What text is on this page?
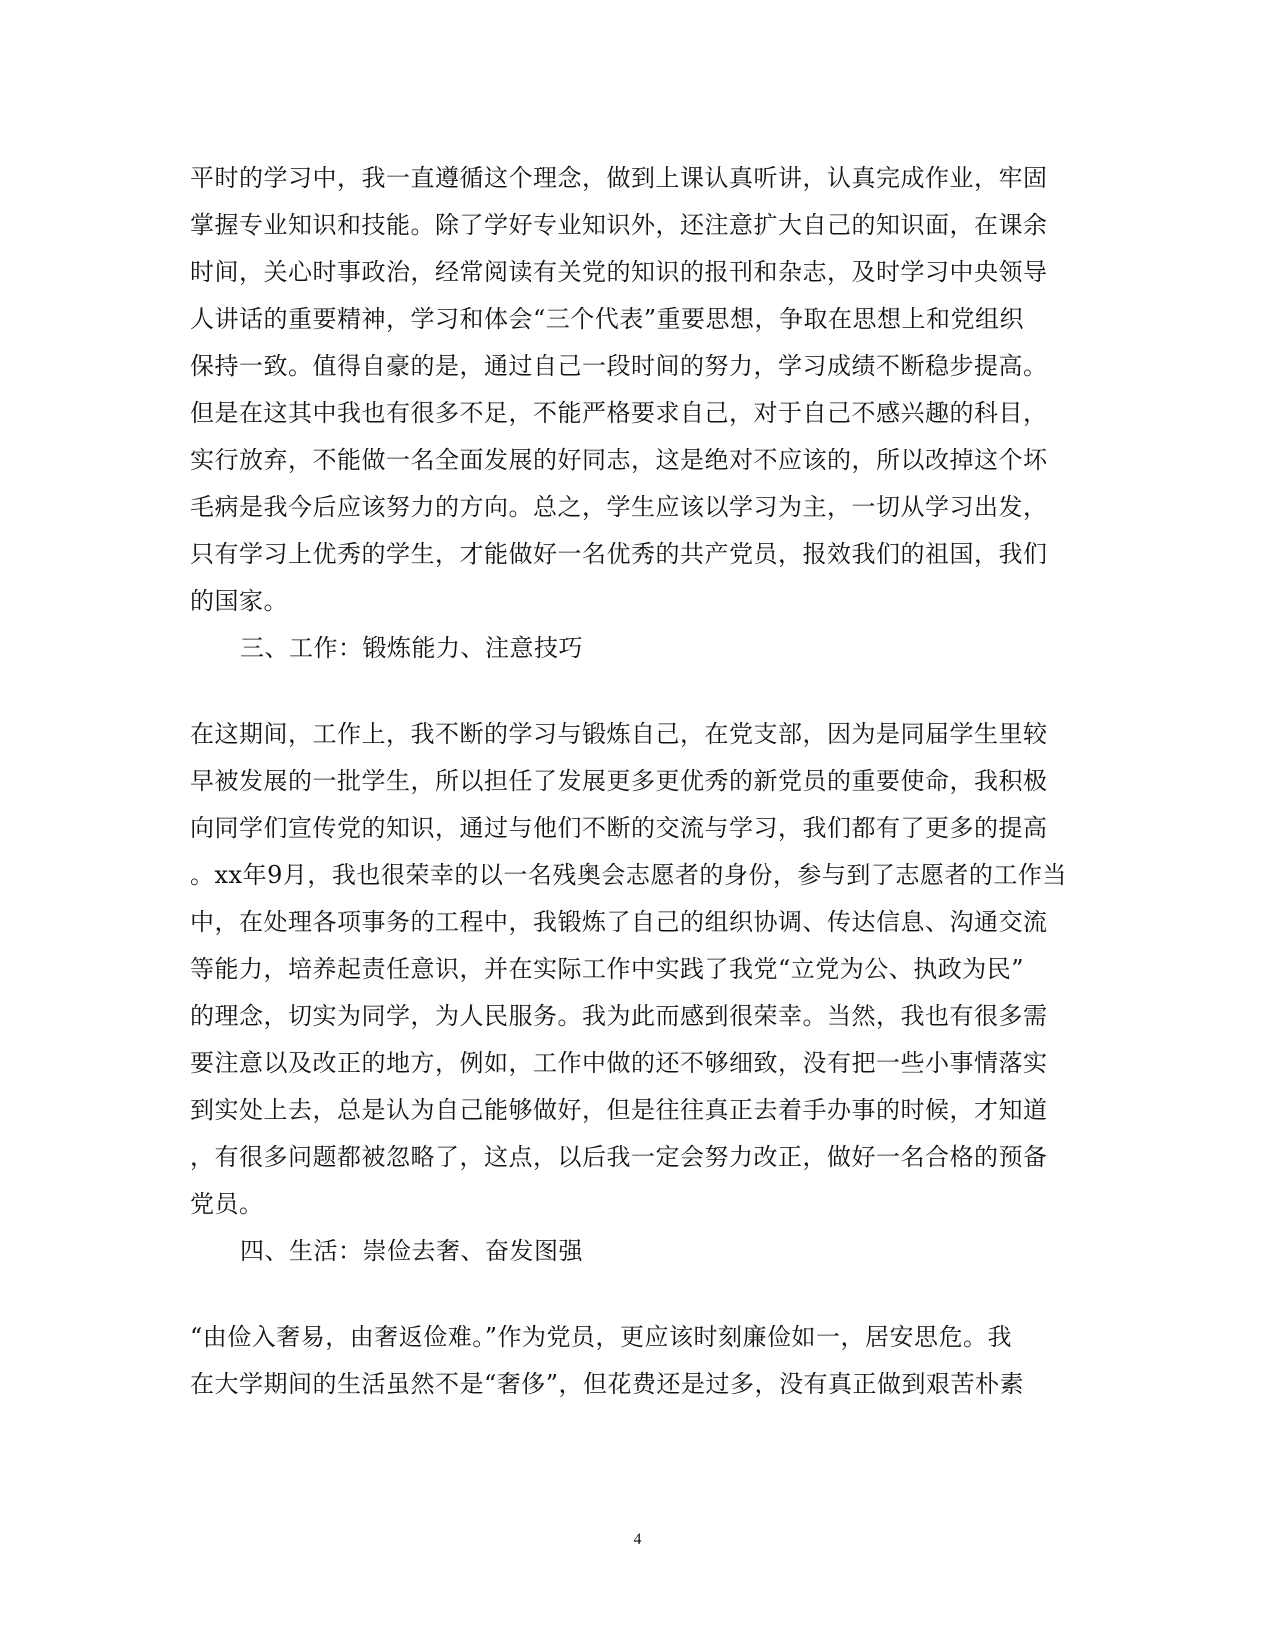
平时的学习中，我一直遵循这个理念，做到上课认真听讲，认真完成作业，牢固
掌握专业知识和技能。除了学好专业知识外，还注意扩大自己的知识面，在课余
时间，关心时事政治，经常阅读有关党的知识的报刊和杂志，及时学习中央领导
人讲话的重要精神，学习和体会“三个代表”重要思想，争取在思想上和党组织
保持一致。值得自豪的是，通过自己一段时间的努力，学习成绩不断稳步提高。
但是在这其中我也有很多不足，不能严格要求自己，对于自己不感兴趣的科目，
实行放弃，不能做一名全面发展的好同志，这是绝对不应该的，所以改掉这个坏
毛病是我今后应该努力的方向。总之，学生应该以学习为主，一切从学习出发，
只有学习上优秀的学生，才能做好一名优秀的共产党员，报效我们的祖国，我们
的国家。
三、工作：锻炼能力、注意技巧
在这期间，工作上，我不断的学习与锻炼自己，在党支部，因为是同届学生里较
早被发展的一批学生，所以担任了发展更多更优秀的新党员的重要使命，我积极
向同学们宣传党的知识，通过与他们不断的交流与学习，我们都有了更多的提高
。xx年9月，我也很荣幸的以一名残奥会志愿者的身份，参与到了志愿者的工作当
中，在处理各项事务的工程中，我锻炼了自己的组织协调、传达信息、沟通交流
等能力，培养起责任意识，并在实际工作中实践了我党“立党为公、执政为民”
的理念，切实为同学，为人民服务。我为此而感到很荣幸。当然，我也有很多需
要注意以及改正的地方，例如，工作中做的还不够细致，没有把一些小事情落实
到实处上去，总是认为自己能够做好，但是往往真正去着手办事的时候，才知道
，有很多问题都被忽略了，这点，以后我一定会努力改正，做好一名合格的预备
党员。
四、生活：崇俭去奢、奋发图强
“由俭入奢易，由奢返俭难。”作为党员，更应该时刻廉俭如一，居安思危。我
在大学期间的生活虽然不是“奢侈”，但花费还是过多，没有真正做到艰苦朴素
4
